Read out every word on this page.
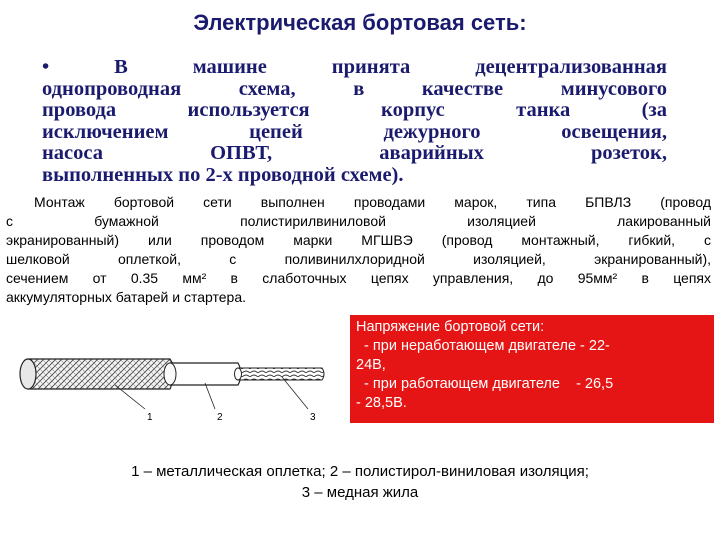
Электрическая бортовая сеть:
•	В машине принята децентрализованная
однопроводная схема, в качестве минусового
провода используется корпус танка (за
исключением цепей дежурного освещения,
насоса ОПВТ, аварийных розеток,
выполненных по 2-х проводной схеме).
Монтаж бортовой сети выполнен проводами марок, типа БПВЛЗ (провод
с бумажной полистирилвиниловой изоляцией лакированный
экранированный) или проводом марки МГШВЭ (провод монтажный, гибкий, с
шелковой оплеткой, с поливинилхлоридной изоляцией, экранированный),
сечением от 0.35 мм² в слаботочных цепях управления, до 95мм² в цепях
аккумуляторных батарей и стартера.
Напряжение бортовой сети:
- при неработающем двигателе - 22-
24В,
- при работающем двигателе    - 26,5
- 28,5В.
1	2	3
1 – металлическая оплетка; 2 – полистирол-виниловая изоляция;
3 – медная жила
